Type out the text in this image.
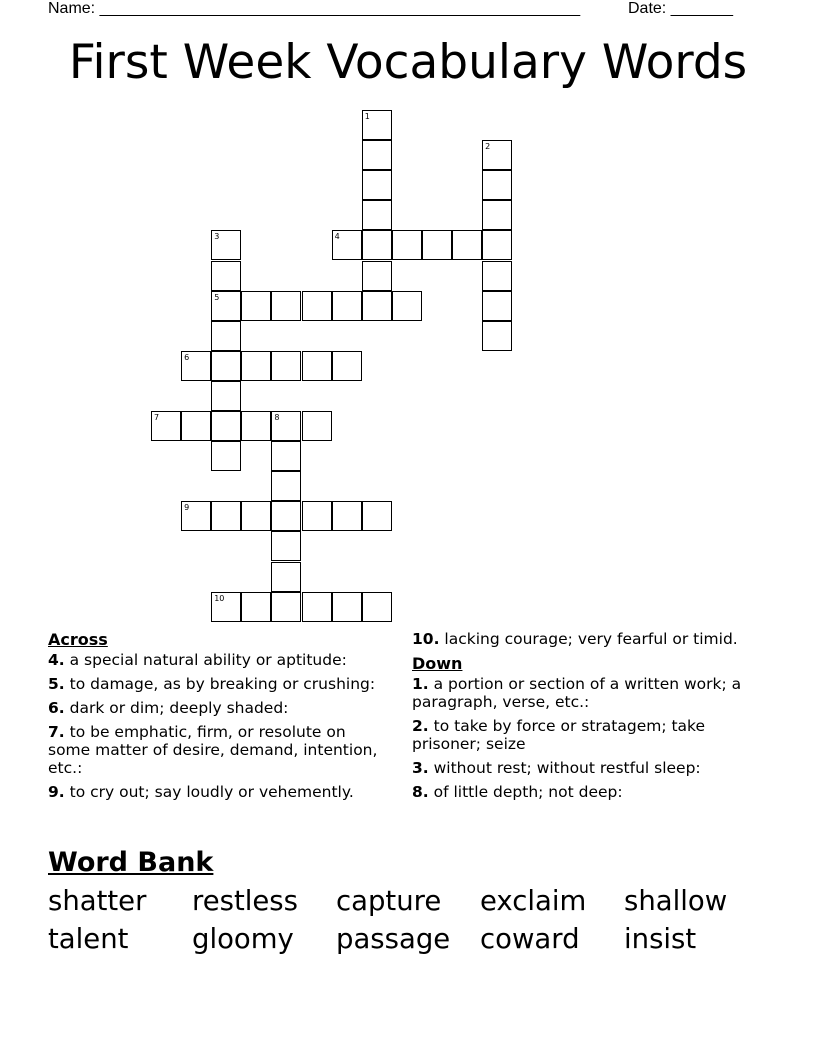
Name: ______________________________________________________	Date: _______
First Week Vocabulary Words
1
2
3	4
5
6
7	8
9
10
Across
4. a special natural ability or aptitude:
5. to damage, as by breaking or crushing:
6. dark or dim; deeply shaded:
7. to be emphatic, firm, or resolute on some matter of desire, demand, intention, etc.:
9. to cry out; say loudly or vehemently.
10. lacking courage; very fearful or timid.
Down
1. a portion or section of a written work; a paragraph, verse, etc.:
2. to take by force or stratagem; take prisoner; seize
3. without rest; without restful sleep:
8. of little depth; not deep:
Word Bank
shatter	restless	capture	exclaim	shallow
talent	gloomy	passage	coward	insist
